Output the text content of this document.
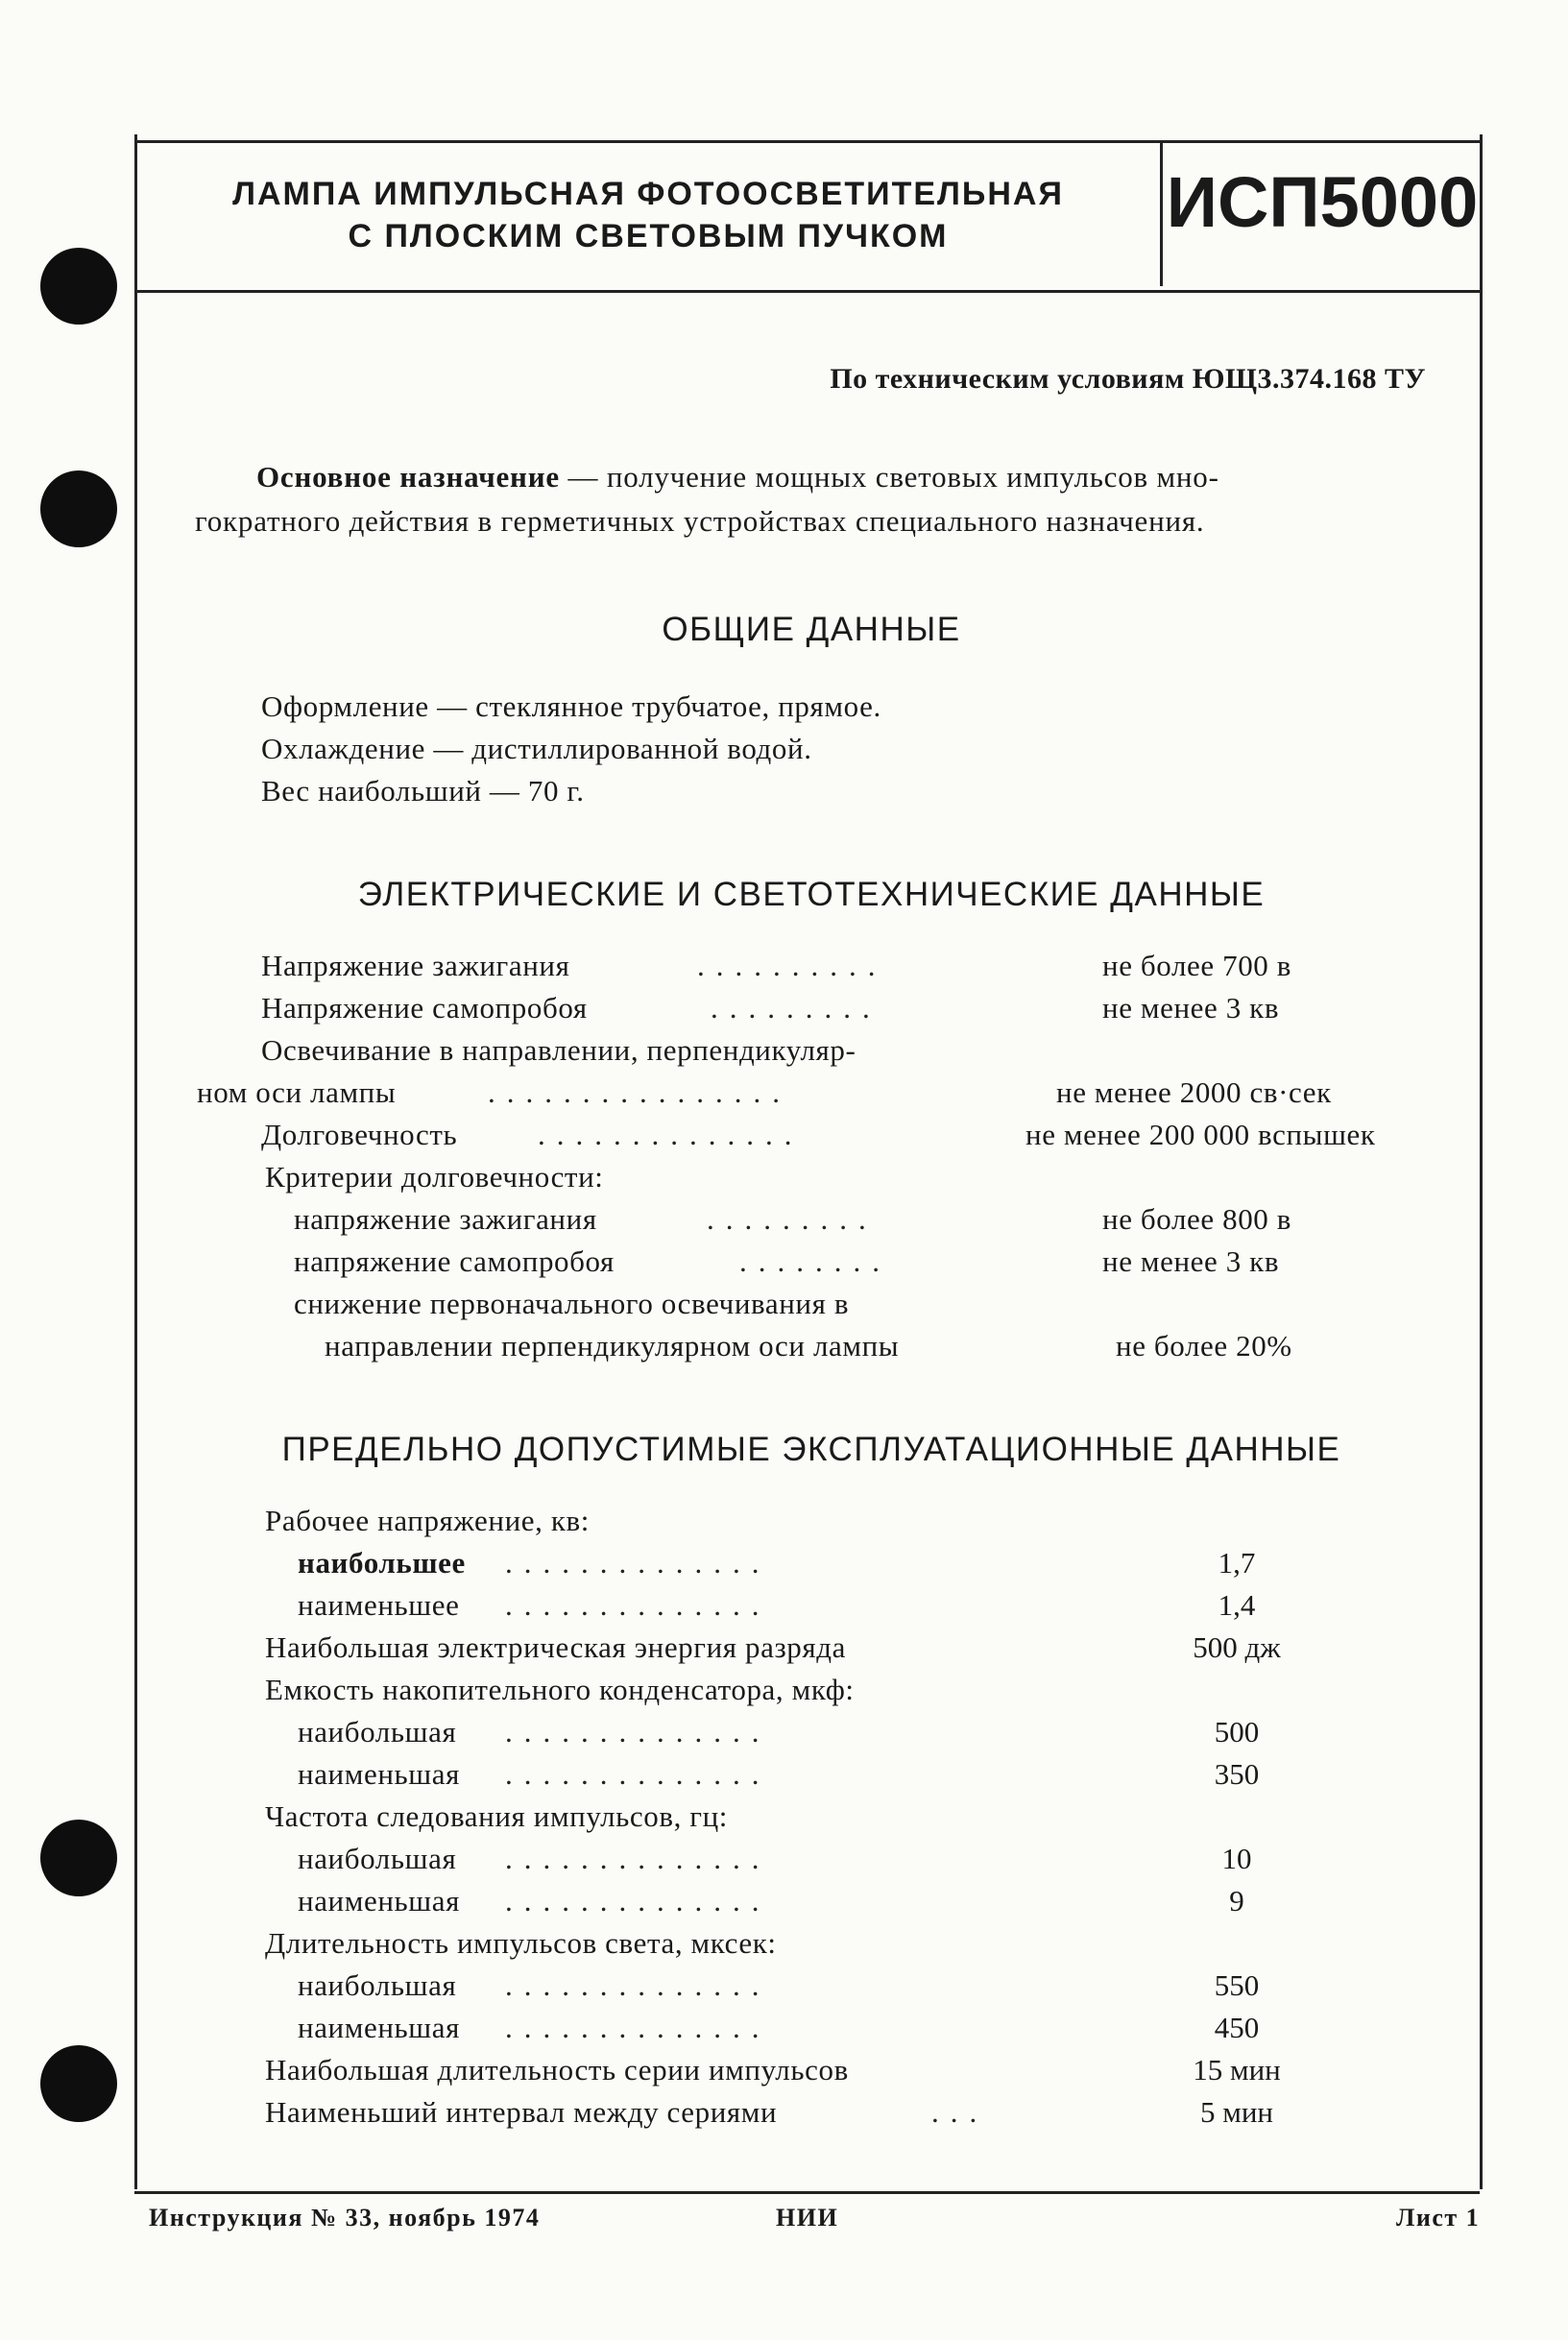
ЛАМПА ИМПУЛЬСНАЯ ФОТООСВЕТИТЕЛЬНАЯ
С ПЛОСКИМ СВЕТОВЫМ ПУЧКОМ	ИСП5000
По техническим условиям ЮЩ3.374.168 ТУ
Основное назначение — получение мощных световых импульсов мно-
гократного действия в герметичных устройствах специального назначения.
ОБЩИЕ ДАННЫЕ
Оформление — стеклянное трубчатое, прямое.
Охлаждение — дистиллированной водой.
Вес наибольший — 70 г.
ЭЛЕКТРИЧЕСКИЕ И СВЕТОТЕХНИЧЕСКИЕ ДАННЫЕ
Напряжение зажигания	..........	не более 700 в
Напряжение самопробоя	.........	не менее 3 кв
Освечивание в направлении, перпендикуляр-
ном оси лампы	................	не менее 2000 св·сек
Долговечность	..............	не менее 200 000 вспышек
Критерии долговечности:
напряжение зажигания	.........	не более 800 в
напряжение самопробоя	........	не менее 3 кв
снижение первоначального освечивания в
направлении перпендикулярном оси лампы	не более 20%
ПРЕДЕЛЬНО ДОПУСТИМЫЕ ЭКСПЛУАТАЦИОННЫЕ ДАННЫЕ
Рабочее напряжение, кв:
наибольшее ..............	1,7
наименьшее ..............	1,4
Наибольшая электрическая энергия разряда	500 дж
Емкость накопительного конденсатора, мкф:
наибольшая ..............	500
наименьшая ..............	350
Частота следования импульсов, гц:
наибольшая ..............	10
наименьшая ..............	9
Длительность импульсов света, мксек:
наибольшая ..............	550
наименьшая ..............	450
Наибольшая длительность серии импульсов	15 мин
Наименьший интервал между сериями	...	5 мин
Инструкция № 33, ноябрь 1974	НИИ	Лист 1
